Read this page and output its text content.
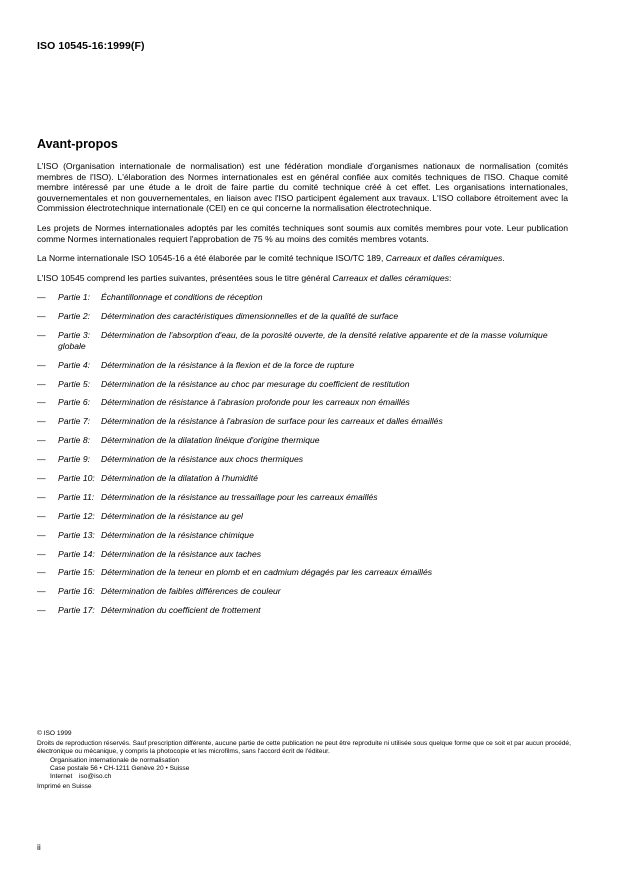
ISO 10545-16:1999(F)
Avant-propos

L'ISO (Organisation internationale de normalisation) est une fédération mondiale d'organismes nationaux de normalisation (comités membres de l'ISO). L'élaboration des Normes internationales est en général confiée aux comités techniques de l'ISO. Chaque comité membre intéressé par une étude a le droit de faire partie du comité technique créé à cet effet. Les organisations internationales, gouvernementales et non gouvernementales, en liaison avec l'ISO participent également aux travaux. L'ISO collabore étroitement avec la Commission électrotechnique internationale (CEI) en ce qui concerne la normalisation électrotechnique.

Les projets de Normes internationales adoptés par les comités techniques sont soumis aux comités membres pour vote. Leur publication comme Normes internationales requiert l'approbation de 75 % au moins des comités membres votants.

La Norme internationale ISO 10545-16 a été élaborée par le comité technique ISO/TC 189, Carreaux et dalles céramiques.

L'ISO 10545 comprend les parties suivantes, présentées sous le titre général Carreaux et dalles céramiques:

— Partie 1: Échantillonnage et conditions de réception
— Partie 2: Détermination des caractéristiques dimensionnelles et de la qualité de surface
— Partie 3: Détermination de l'absorption d'eau, de la porosité ouverte, de la densité relative apparente et de la masse volumique globale
— Partie 4: Détermination de la résistance à la flexion et de la force de rupture
— Partie 5: Détermination de la résistance au choc par mesurage du coefficient de restitution
— Partie 6: Détermination de résistance à l'abrasion profonde pour les carreaux non émaillés
— Partie 7: Détermination de la résistance à l'abrasion de surface pour les carreaux et dalles émaillés
— Partie 8: Détermination de la dilatation linéique d'origine thermique
— Partie 9: Détermination de la résistance aux chocs thermiques
— Partie 10: Détermination de la dilatation à l'humidité
— Partie 11: Détermination de la résistance au tressaillage pour les carreaux émaillés
— Partie 12: Détermination de la résistance au gel
— Partie 13: Détermination de la résistance chimique
— Partie 14: Détermination de la résistance aux taches
— Partie 15: Détermination de la teneur en plomb et en cadmium dégagés par les carreaux émaillés
— Partie 16: Détermination de faibles différences de couleur
— Partie 17: Détermination du coefficient de frottement
© ISO 1999
Droits de reproduction réservés. Sauf prescription différente, aucune partie de cette publication ne peut être reproduite ni utilisée sous quelque forme que ce soit et par aucun procédé, électronique ou mécanique, y compris la photocopie et les microfilms, sans l'accord écrit de l'éditeur.
Organisation internationale de normalisation
Case postale 56 • CH-1211 Genève 20 • Suisse
Internet iso@iso.ch
Imprimé en Suisse
ii
